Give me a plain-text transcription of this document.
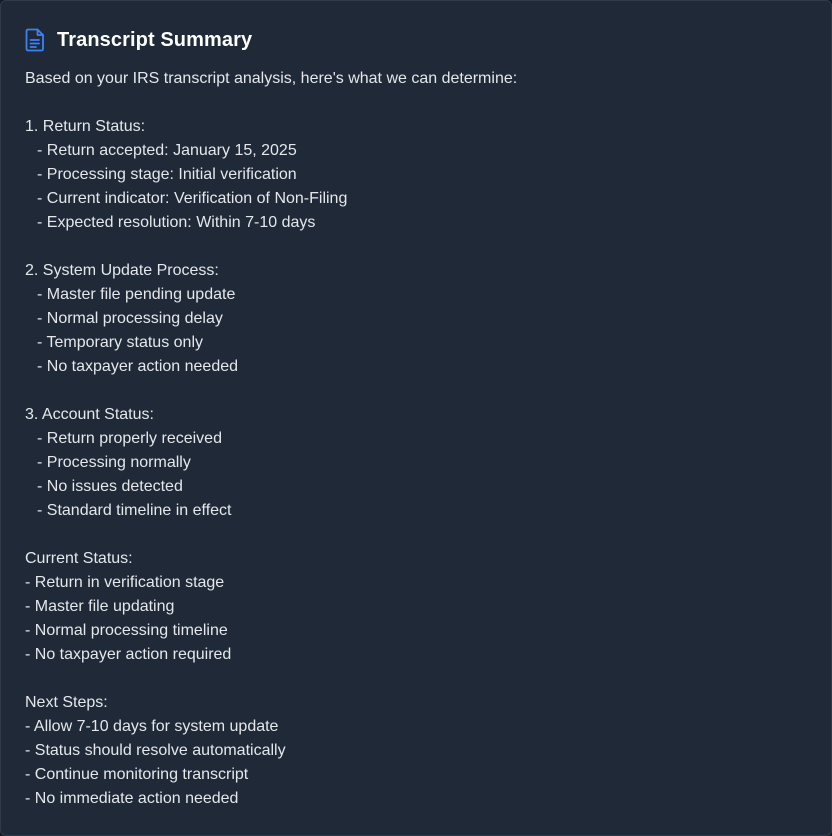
Transcript Summary
Based on your IRS transcript analysis, here's what we can determine:
1. Return Status:
- Return accepted: January 15, 2025
- Processing stage: Initial verification
- Current indicator: Verification of Non-Filing
- Expected resolution: Within 7-10 days
2. System Update Process:
- Master file pending update
- Normal processing delay
- Temporary status only
- No taxpayer action needed
3. Account Status:
- Return properly received
- Processing normally
- No issues detected
- Standard timeline in effect
Current Status:
- Return in verification stage
- Master file updating
- Normal processing timeline
- No taxpayer action required
Next Steps:
- Allow 7-10 days for system update
- Status should resolve automatically
- Continue monitoring transcript
- No immediate action needed
